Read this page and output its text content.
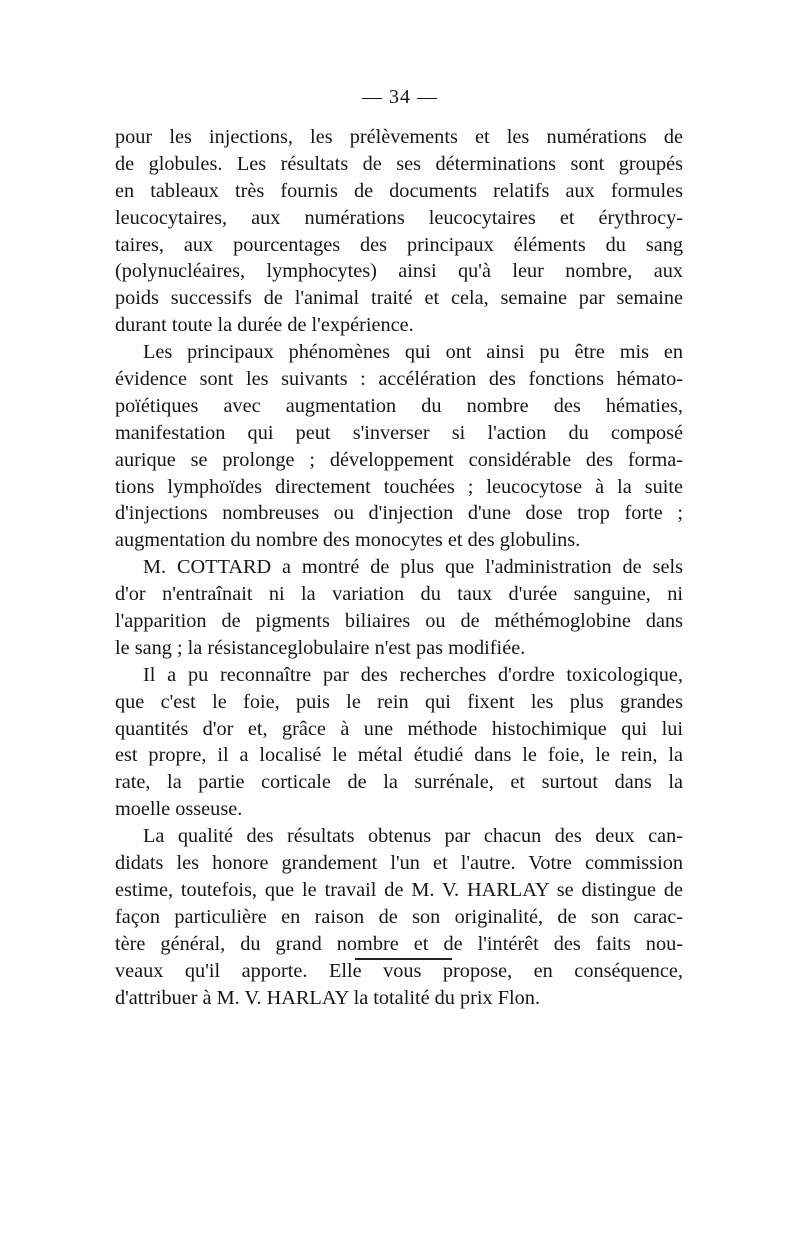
— 34 —
pour les injections, les prélèvements et les numérations de
de globules. Les résultats de ses déterminations sont groupés
en tableaux très fournis de documents relatifs aux formules
leucocytaires, aux numérations leucocytaires et érythrocy-
taires, aux pourcentages des principaux éléments du sang
(polynucléaires, lymphocytes) ainsi qu'à leur nombre, aux
poids successifs de l'animal traité et cela, semaine par semaine
durant toute la durée de l'expérience.
Les principaux phénomènes qui ont ainsi pu être mis en
évidence sont les suivants : accélération des fonctions hémato-
poïétiques avec augmentation du nombre des hématies,
manifestation qui peut s'inverser si l'action du composé
aurique se prolonge ; développement considérable des forma-
tions lymphoïdes directement touchées ; leucocytose à la suite
d'injections nombreuses ou d'injection d'une dose trop forte ;
augmentation du nombre des monocytes et des globulins.
M. COTTARD a montré de plus que l'administration de sels
d'or n'entraînait ni la variation du taux d'urée sanguine, ni
l'apparition de pigments biliaires ou de méthémoglobine dans
le sang ; la résistanceglobulaire n'est pas modifiée.
Il a pu reconnaître par des recherches d'ordre toxicologique,
que c'est le foie, puis le rein qui fixent les plus grandes
quantités d'or et, grâce à une méthode histochimique qui lui
est propre, il a localisé le métal étudié dans le foie, le rein, la
rate, la partie corticale de la surrénale, et surtout dans la
moelle osseuse.
La qualité des résultats obtenus par chacun des deux can-
didats les honore grandement l'un et l'autre. Votre commission
estime, toutefois, que le travail de M. V. HARLAY se distingue de
façon particulière en raison de son originalité, de son carac-
tère général, du grand nombre et de l'intérêt des faits nou-
veaux qu'il apporte. Elle vous propose, en conséquence,
d'attribuer à M. V. HARLAY la totalité du prix Flon.
